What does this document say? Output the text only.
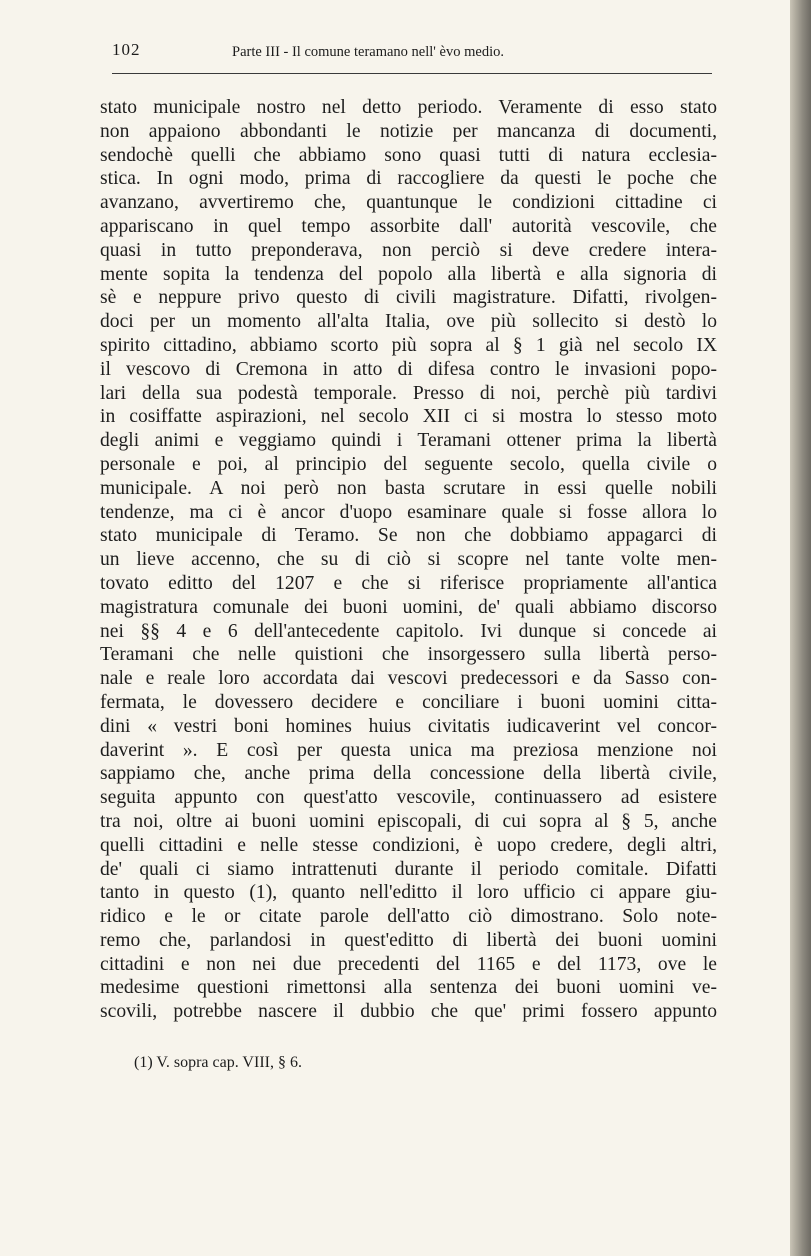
102	Parte III - Il comune teramano nell' èvo medio.
stato municipale nostro nel detto periodo. Veramente di esso stato
non appaiono abbondanti le notizie per mancanza di documenti,
sendochè quelli che abbiamo sono quasi tutti di natura ecclesia-
stica. In ogni modo, prima di raccogliere da questi le poche che
avanzano, avvertiremo che, quantunque le condizioni cittadine ci
appariscano in quel tempo assorbite dall' autorità vescovile, che
quasi in tutto preponderava, non perciò si deve credere intera-
mente sopita la tendenza del popolo alla libertà e alla signoria di
sè e neppure privo questo di civili magistrature. Difatti, rivolgen-
doci per un momento all'alta Italia, ove più sollecito si destò lo
spirito cittadino, abbiamo scorto più sopra al § 1 già nel secolo IX
il vescovo di Cremona in atto di difesa contro le invasioni popo-
lari della sua podestà temporale. Presso di noi, perchè più tardivi
in cosiffatte aspirazioni, nel secolo XII ci si mostra lo stesso moto
degli animi e veggiamo quindi i Teramani ottener prima la libertà
personale e poi, al principio del seguente secolo, quella civile o
municipale. A noi però non basta scrutare in essi quelle nobili
tendenze, ma ci è ancor d'uopo esaminare quale si fosse allora lo
stato municipale di Teramo. Se non che dobbiamo appagarci di
un lieve accenno, che su di ciò si scopre nel tante volte men-
tovato editto del 1207 e che si riferisce propriamente all'antica
magistratura comunale dei buoni uomini, de' quali abbiamo discorso
nei §§ 4 e 6 dell'antecedente capitolo. Ivi dunque si concede ai
Teramani che nelle quistioni che insorgessero sulla libertà perso-
nale e reale loro accordata dai vescovi predecessori e da Sasso con-
fermata, le dovessero decidere e conciliare i buoni uomini citta-
dini « vestri boni homines huius civitatis iudicaverint vel concor-
daverint ». E così per questa unica ma preziosa menzione noi
sappiamo che, anche prima della concessione della libertà civile,
seguita appunto con quest'atto vescovile, continuassero ad esistere
tra noi, oltre ai buoni uomini episcopali, di cui sopra al § 5, anche
quelli cittadini e nelle stesse condizioni, è uopo credere, degli altri,
de' quali ci siamo intrattenuti durante il periodo comitale. Difatti
tanto in questo (1), quanto nell'editto il loro ufficio ci appare giu-
ridico e le or citate parole dell'atto ciò dimostrano. Solo note-
remo che, parlandosi in quest'editto di libertà dei buoni uomini
cittadini e non nei due precedenti del 1165 e del 1173, ove le
medesime questioni rimettonsi alla sentenza dei buoni uomini ve-
scovili, potrebbe nascere il dubbio che que' primi fossero appunto
(1) V. sopra cap. VIII, § 6.
